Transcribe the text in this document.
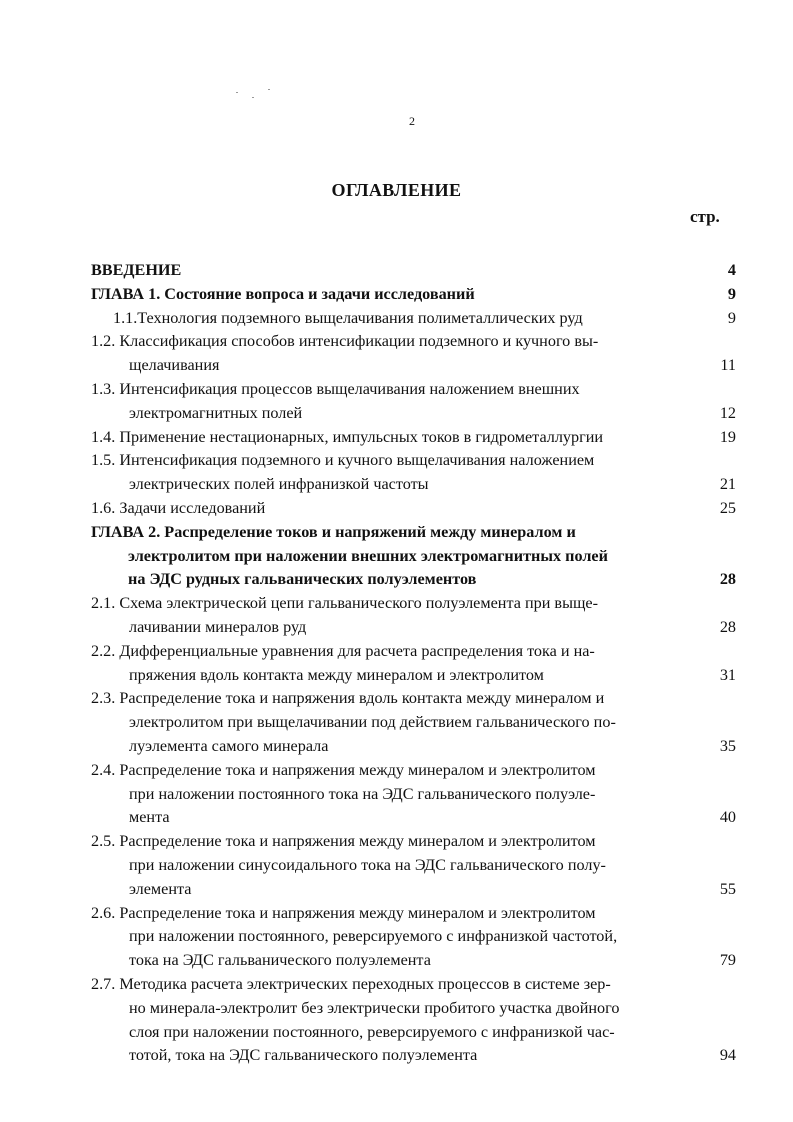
2
ОГЛАВЛЕНИЕ
стр.
ВВЕДЕНИЕ	4
ГЛАВА 1. Состояние вопроса и задачи исследований	9
1.1.Технология подземного выщелачивания полиметаллических руд	9
1.2. Классификация способов интенсификации подземного и кучного вы-
щелачивания	11
1.3. Интенсификация процессов выщелачивания наложением внешних
электромагнитных полей	12
1.4. Применение нестационарных, импульсных токов в гидрометаллургии	19
1.5. Интенсификация подземного и кучного выщелачивания наложением
электрических полей инфранизкой частоты	21
1.6. Задачи исследований	25
ГЛАВА 2. Распределение токов и напряжений между минералом и
электролитом при наложении внешних электромагнитных полей
на ЭДС рудных гальванических полуэлементов	28
2.1. Схема электрической цепи гальванического полуэлемента при выще-
лачивании минералов руд	28
2.2. Дифференциальные уравнения для расчета распределения тока и на-
пряжения вдоль контакта между минералом и электролитом	31
2.3. Распределение тока и напряжения вдоль контакта между минералом и
электролитом при выщелачивании под действием гальванического по-
луэлемента самого минерала	35
2.4. Распределение тока и напряжения между минералом и электролитом
при наложении постоянного тока на ЭДС гальванического полуэле-
мента	40
2.5. Распределение тока и напряжения между минералом и электролитом
при наложении синусоидального тока на ЭДС гальванического полу-
элемента	55
2.6. Распределение тока и напряжения между минералом и электролитом
при наложении постоянного, реверсируемого с инфранизкой частотой,
тока на ЭДС гальванического полуэлемента	79
2.7. Методика расчета электрических переходных процессов в системе зер-
но минерала-электролит без электрически пробитого участка двойного
слоя при наложении постоянного, реверсируемого с инфранизкой час-
тотой, тока на ЭДС гальванического полуэлемента	94
